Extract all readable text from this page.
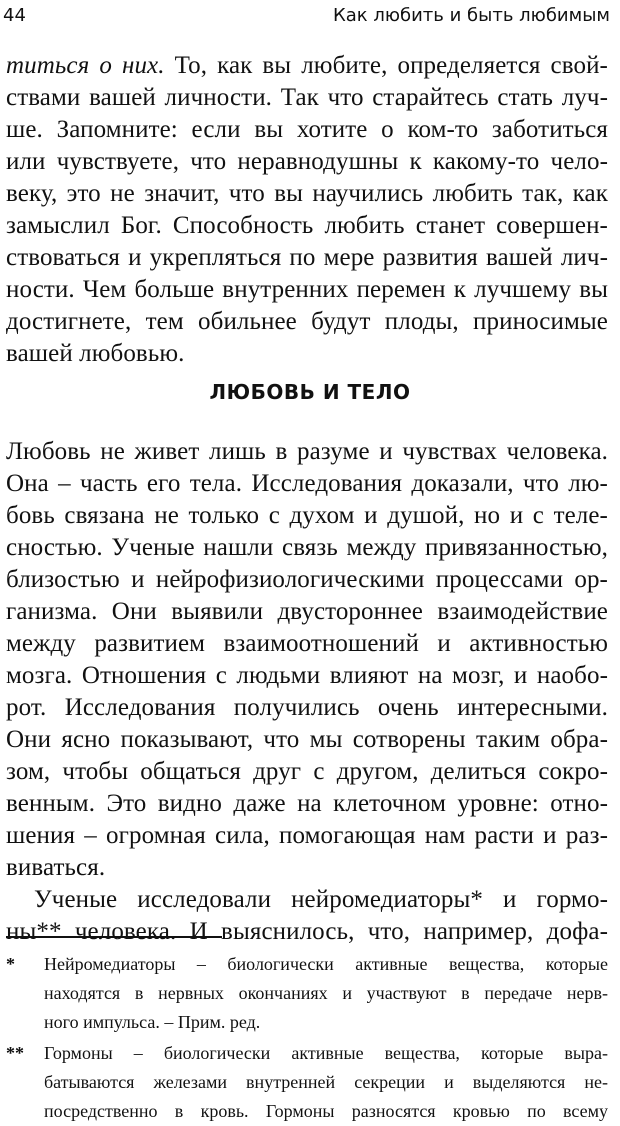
44	Как любить и быть любимым
титься о них. То, как вы любите, определяется свой-
ствами вашей личности. Так что старайтесь стать луч-
ше. Запомните: если вы хотите о ком-то заботиться
или чувствуете, что неравнодушны к какому-то чело-
веку, это не значит, что вы научились любить так, как
замыслил Бог. Способность любить станет совершен-
ствоваться и укрепляться по мере развития вашей лич-
ности. Чем больше внутренних перемен к лучшему вы
достигнете, тем обильнее будут плоды, приносимые
вашей любовью.
ЛЮБОВЬ И ТЕЛО
Любовь не живет лишь в разуме и чувствах человека.
Она – часть его тела. Исследования доказали, что лю-
бовь связана не только с духом и душой, но и с теле-
сностью. Ученые нашли связь между привязанностью,
близостью и нейрофизиологическими процессами ор-
ганизма. Они выявили двустороннее взаимодействие
между развитием взаимоотношений и активностью
мозга. Отношения с людьми влияют на мозг, и наобо-
рот. Исследования получились очень интересными.
Они ясно показывают, что мы сотворены таким обра-
зом, чтобы общаться друг с другом, делиться сокро-
венным. Это видно даже на клеточном уровне: отно-
шения – огромная сила, помогающая нам расти и раз-
виваться.
Ученые исследовали нейромедиаторы* и гормо-
ны** человека. И выяснилось, что, например, дофа-
* Нейромедиаторы – биологически активные вещества, которые
находятся в нервных окончаниях и участвуют в передаче нерв-
ного импульса. – Прим. ред.
** Гормоны – биологически активные вещества, которые выра-
батываются железами внутренней секреции и выделяются не-
посредственно в кровь. Гормоны разносятся кровью по всему
